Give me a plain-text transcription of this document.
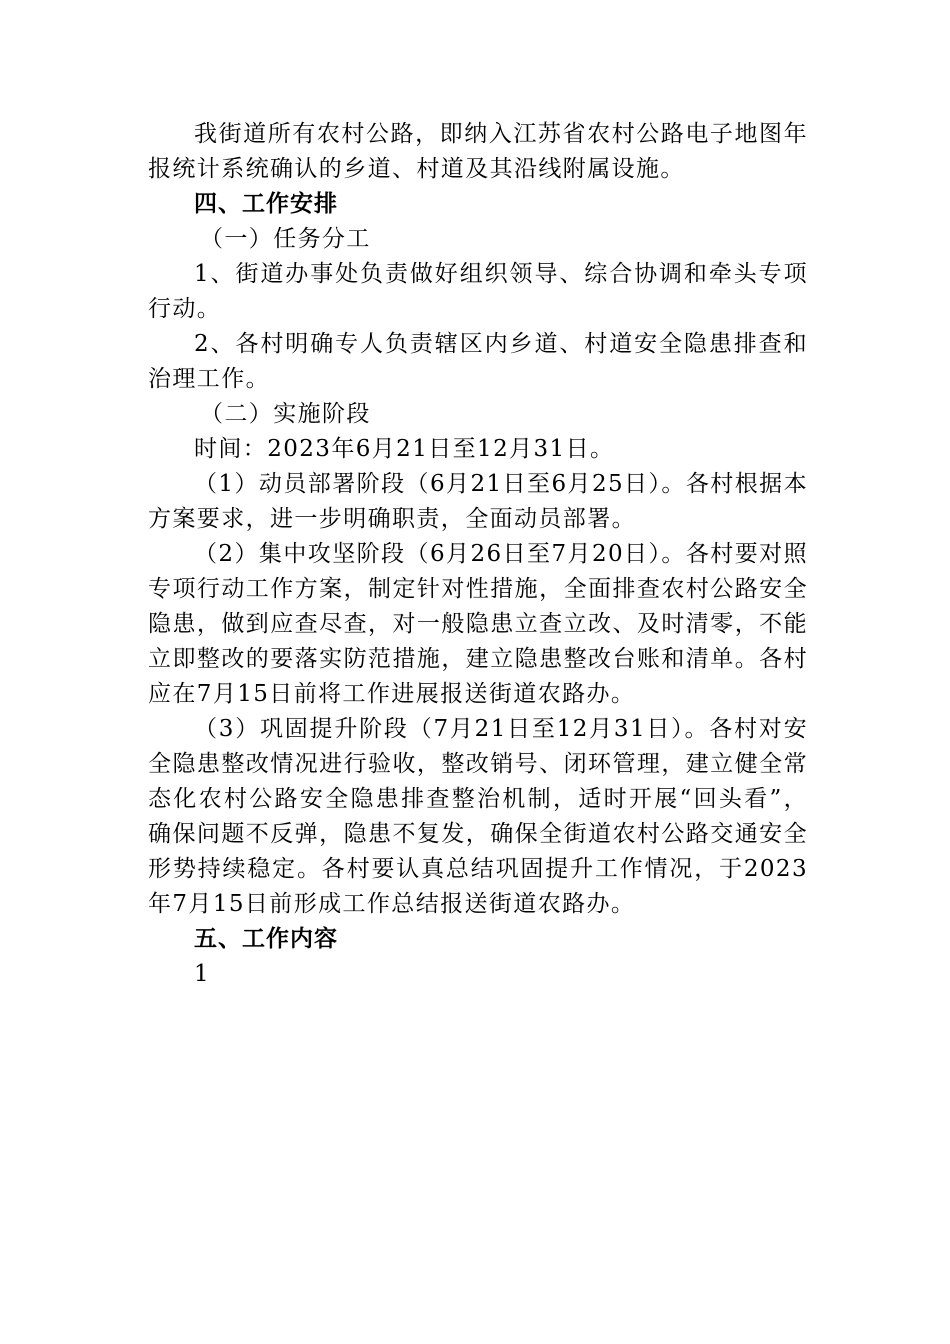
我街道所有农村公路，即纳入江苏省农村公路电子地图年报统计系统确认的乡道、村道及其沿线附属设施。

四、工作安排

（一）任务分工

1、街道办事处负责做好组织领导、综合协调和牵头专项行动。

2、各村明确专人负责辖区内乡道、村道安全隐患排查和治理工作。

（二）实施阶段

时间：2023年6月21日至12月31日。

（1）动员部署阶段（6月21日至6月25日）。各村根据本方案要求，进一步明确职责，全面动员部署。

（2）集中攻坚阶段（6月26日至7月20日）。各村要对照专项行动工作方案，制定针对性措施，全面排查农村公路安全隐患，做到应查尽查，对一般隐患立查立改、及时清零，不能立即整改的要落实防范措施，建立隐患整改台账和清单。各村应在7月15日前将工作进展报送街道农路办。

（3）巩固提升阶段（7月21日至12月31日）。各村对安全隐患整改情况进行验收，整改销号、闭环管理，建立健全常态化农村公路安全隐患排查整治机制，适时开展“回头看”，确保问题不反弹，隐患不复发，确保全街道农村公路交通安全形势持续稳定。各村要认真总结巩固提升工作情况，于2023年7月15日前形成工作总结报送街道农路办。

五、工作内容

1
